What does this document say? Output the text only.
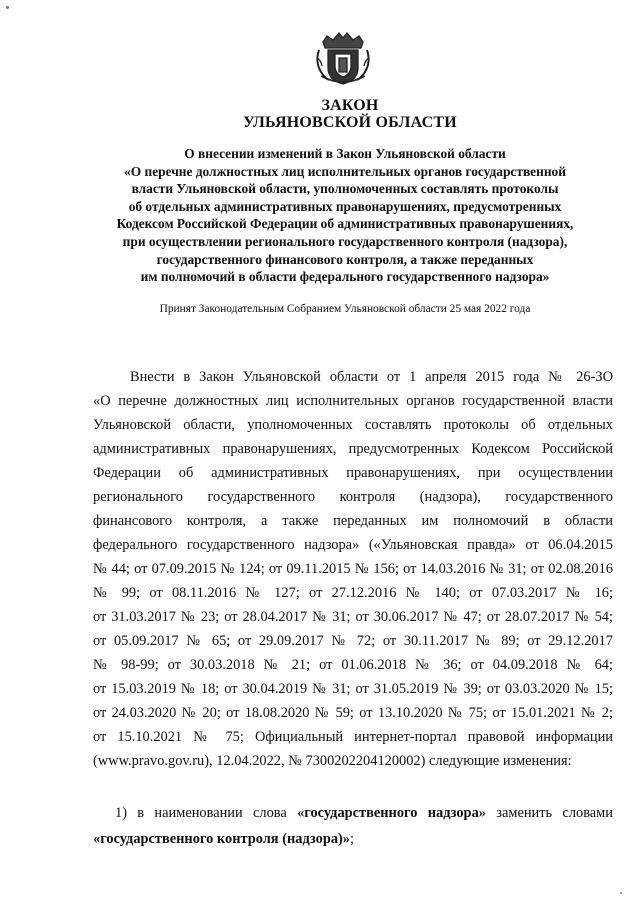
ЗАКОН
УЛЬЯНОВСКОЙ ОБЛАСТИ
О внесении изменений в Закон Ульяновской области
«О перечне должностных лиц исполнительных органов государственной
власти Ульяновской области, уполномоченных составлять протоколы
об отдельных административных правонарушениях, предусмотренных
Кодексом Российской Федерации об административных правонарушениях,
при осуществлении регионального государственного контроля (надзора),
государственного финансового контроля, а также переданных
им полномочий в области федерального государственного надзора»
Принят Законодательным Собранием Ульяновской области 25 мая 2022 года
Внести в Закон Ульяновской области от 1 апреля 2015 года № 26-ЗО
«О перечне должностных лиц исполнительных органов государственной власти
Ульяновской области, уполномоченных составлять протоколы об отдельных
административных правонарушениях, предусмотренных Кодексом Российской
Федерации об административных правонарушениях, при осуществлении
регионального государственного контроля (надзора), государственного
финансового контроля, а также переданных им полномочий в области
федерального государственного надзора» («Ульяновская правда» от 06.04.2015
№ 44; от 07.09.2015 № 124; от 09.11.2015 № 156; от 14.03.2016 № 31; от 02.08.2016
№ 99; от 08.11.2016 № 127; от 27.12.2016 № 140; от 07.03.2017 № 16;
от 31.03.2017 № 23; от 28.04.2017 № 31; от 30.06.2017 № 47; от 28.07.2017 № 54;
от 05.09.2017 № 65; от 29.09.2017 № 72; от 30.11.2017 № 89; от 29.12.2017
№ 98-99; от 30.03.2018 № 21; от 01.06.2018 № 36; от 04.09.2018 № 64;
от 15.03.2019 № 18; от 30.04.2019 № 31; от 31.05.2019 № 39; от 03.03.2020 № 15;
от 24.03.2020 № 20; от 18.08.2020 № 59; от 13.10.2020 № 75; от 15.01.2021 № 2;
от 15.10.2021 № 75; Официальный интернет-портал правовой информации
(www.pravo.gov.ru), 12.04.2022, № 7300202204120002) следующие изменения:
1) в наименовании слова «государственного надзора» заменить словами
«государственного контроля (надзора)»;
